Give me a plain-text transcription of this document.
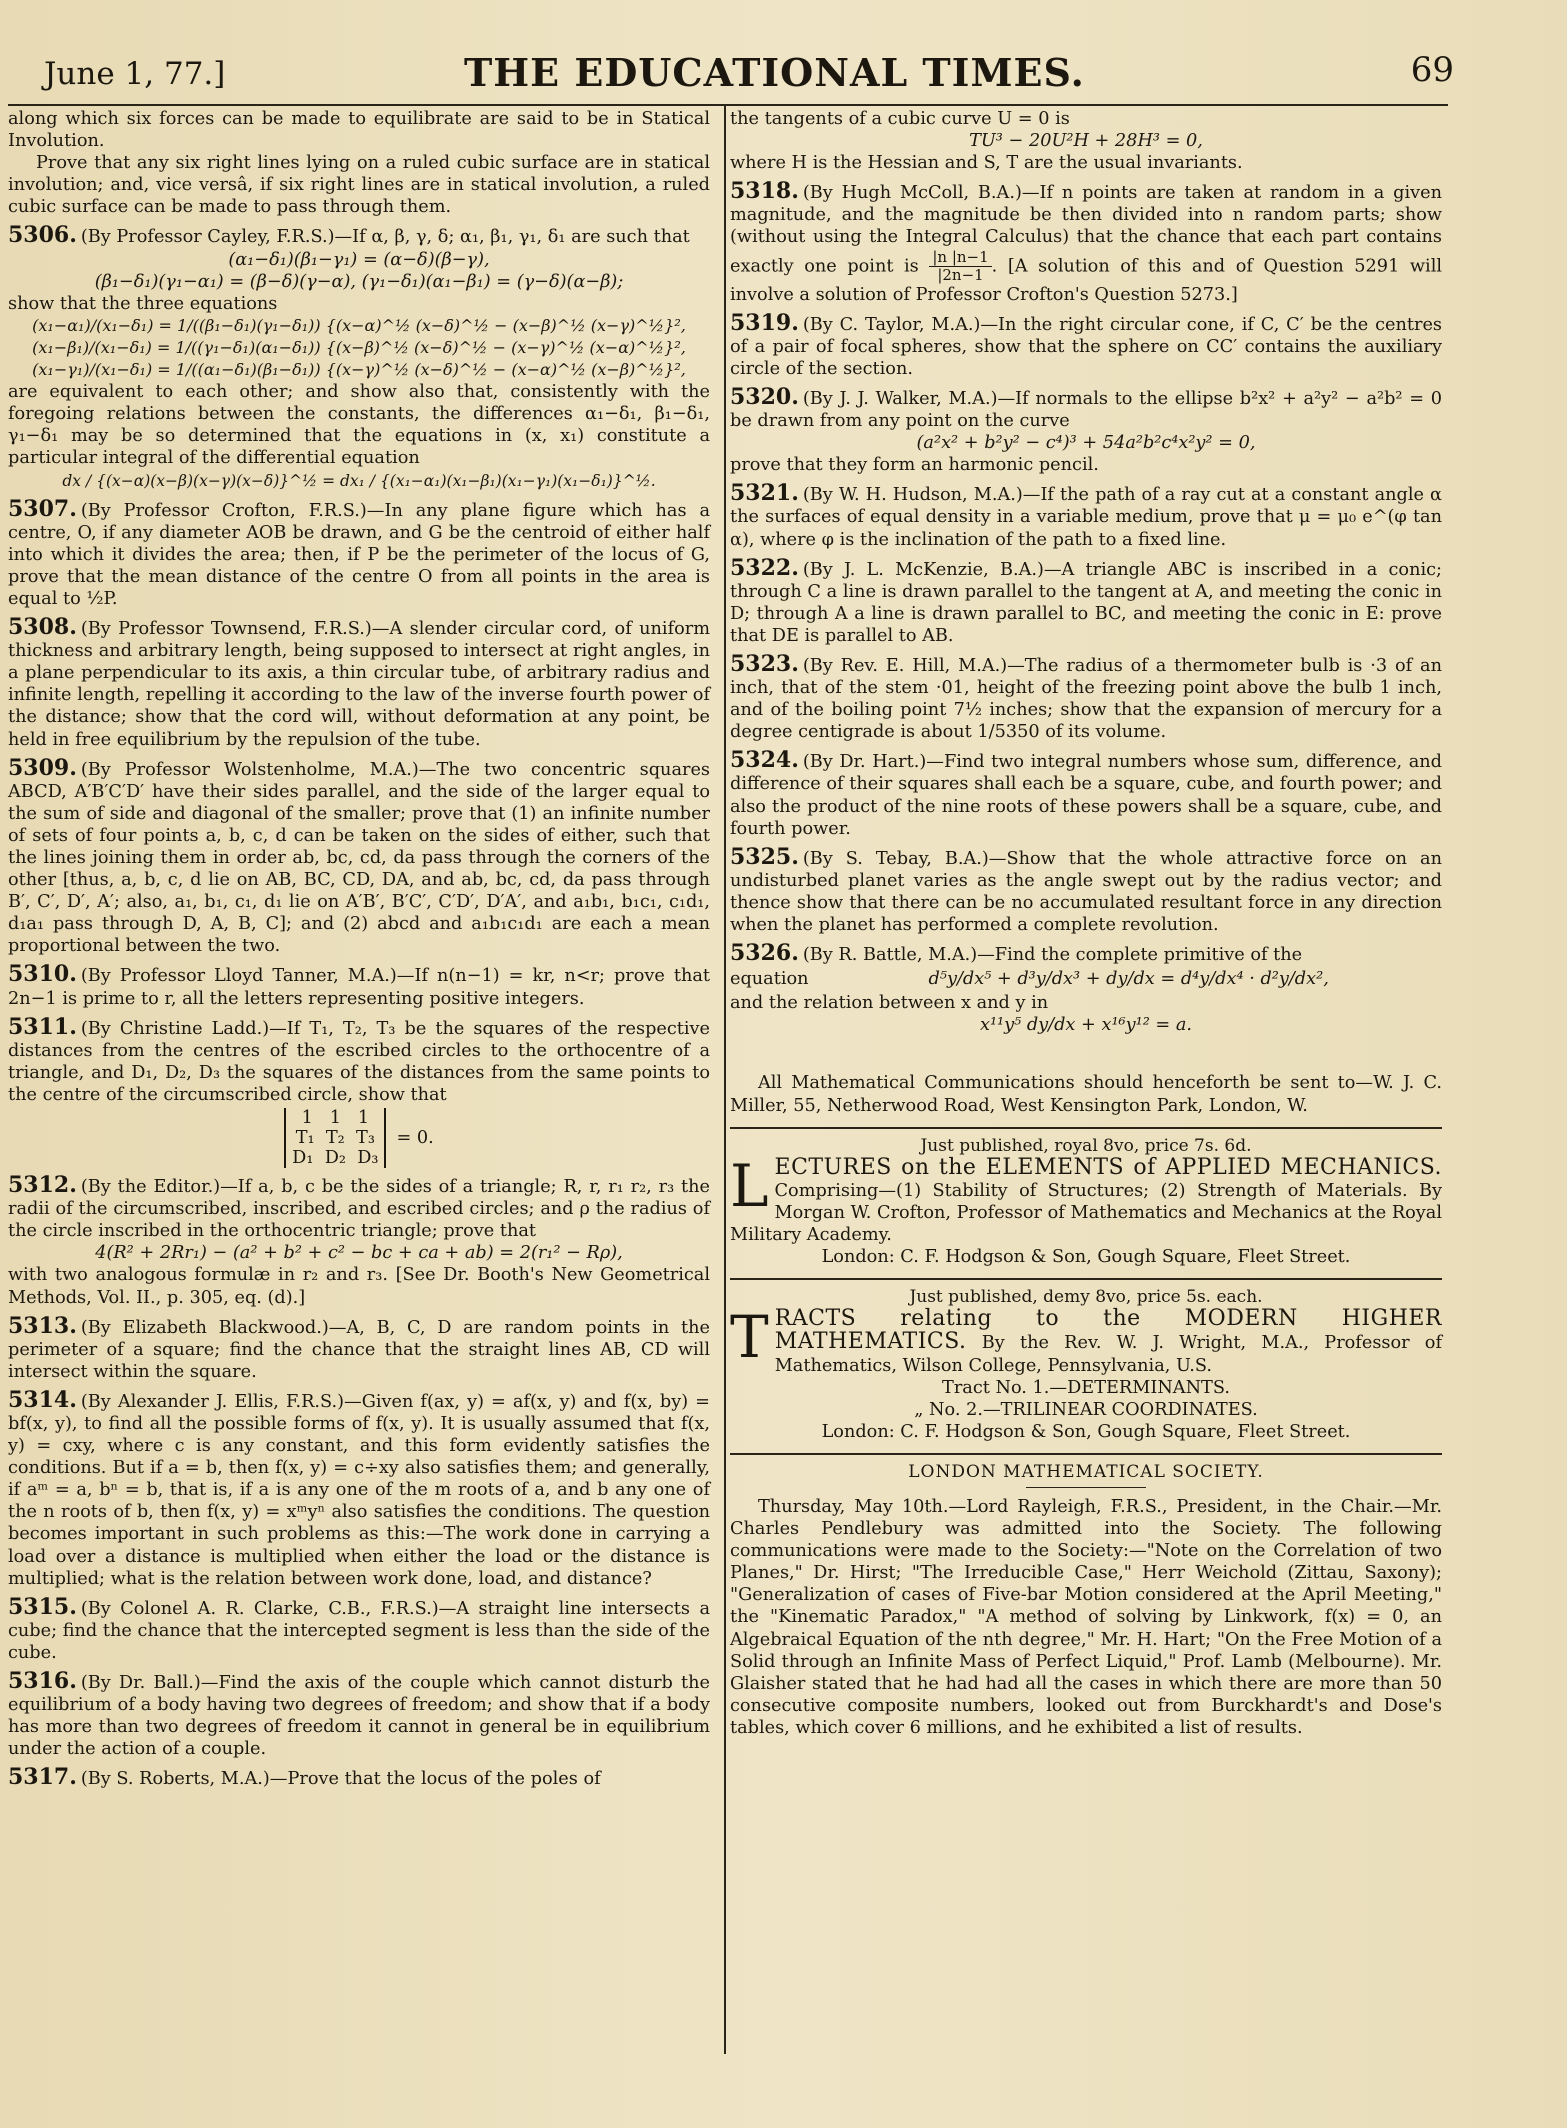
June 1, 77.]	THE EDUCATIONAL TIMES.	69

along which six forces can be made to equilibrate are said to be in Statical Involution.

Prove that any six right lines lying on a ruled cubic surface are in statical involution; and, vice versâ, if six right lines are in statical involution, a ruled cubic surface can be made to pass through them.

5306. (By Professor Cayley, F.R.S.)—If α, β, γ, δ; α₁, β₁, γ₁, δ₁ are such that

(α₁−δ₁)(β₁−γ₁) = (α−δ)(β−γ),

(β₁−δ₁)(γ₁−α₁) = (β−δ)(γ−α), (γ₁−δ₁)(α₁−β₁) = (γ−δ)(α−β);

show that the three equations

(x₁−α₁)/(x₁−δ₁) = 1/((β₁−δ₁)(γ₁−δ₁)) {(x−α)^½ (x−δ)^½ − (x−β)^½ (x−γ)^½}²,

(x₁−β₁)/(x₁−δ₁) = 1/((γ₁−δ₁)(α₁−δ₁)) {(x−β)^½ (x−δ)^½ − (x−γ)^½ (x−α)^½}²,

(x₁−γ₁)/(x₁−δ₁) = 1/((α₁−δ₁)(β₁−δ₁)) {(x−γ)^½ (x−δ)^½ − (x−α)^½ (x−β)^½}²,

are equivalent to each other; and show also that, consistently with the foregoing relations between the constants, the differences α₁−δ₁, β₁−δ₁, γ₁−δ₁ may be so determined that the equations in (x, x₁) constitute a particular integral of the differential equation

dx / {(x−α)(x−β)(x−γ)(x−δ)}^½ = dx₁ / {(x₁−α₁)(x₁−β₁)(x₁−γ₁)(x₁−δ₁)}^½.

5307. (By Professor Crofton, F.R.S.)—In any plane figure which has a centre, O, if any diameter AOB be drawn, and G be the centroid of either half into which it divides the area; then, if P be the perimeter of the locus of G, prove that the mean distance of the centre O from all points in the area is equal to ½P.

5308. (By Professor Townsend, F.R.S.)—A slender circular cord, of uniform thickness and arbitrary length, being supposed to intersect at right angles, in a plane perpendicular to its axis, a thin circular tube, of arbitrary radius and infinite length, repelling it according to the law of the inverse fourth power of the distance; show that the cord will, without deformation at any point, be held in free equilibrium by the repulsion of the tube.

5309. (By Professor Wolstenholme, M.A.)—The two concentric squares ABCD, A′B′C′D′ have their sides parallel, and the side of the larger equal to the sum of side and diagonal of the smaller; prove that (1) an infinite number of sets of four points a, b, c, d can be taken on the sides of either, such that the lines joining them in order ab, bc, cd, da pass through the corners of the other [thus, a, b, c, d lie on AB, BC, CD, DA, and ab, bc, cd, da pass through B′, C′, D′, A′; also, a₁, b₁, c₁, d₁ lie on A′B′, B′C′, C′D′, D′A′, and a₁b₁, b₁c₁, c₁d₁, d₁a₁ pass through D, A, B, C]; and (2) abcd and a₁b₁c₁d₁ are each a mean proportional between the two.

5310. (By Professor Lloyd Tanner, M.A.)—If n(n−1) = kr, n<r; prove that 2n−1 is prime to r, all the letters representing positive integers.

5311. (By Christine Ladd.)—If T₁, T₂, T₃ be the squares of the respective distances from the centres of the escribed circles to the orthocentre of a triangle, and D₁, D₂, D₃ the squares of the distances from the same points to the centre of the circumscribed circle, show that

1   1   1
T₁  T₂  T₃
D₁  D₂  D₃
= 0.

5312. (By the Editor.)—If a, b, c be the sides of a triangle; R, r, r₁ r₂, r₃ the radii of the circumscribed, inscribed, and escribed circles; and ρ the radius of the circle inscribed in the orthocentric triangle; prove that

4(R² + 2Rr₁) − (a² + b² + c² − bc + ca + ab) = 2(r₁² − Rρ),

with two analogous formulæ in r₂ and r₃. [See Dr. Booth's New Geometrical Methods, Vol. II., p. 305, eq. (d).]

5313. (By Elizabeth Blackwood.)—A, B, C, D are random points in the perimeter of a square; find the chance that the straight lines AB, CD will intersect within the square.

5314. (By Alexander J. Ellis, F.R.S.)—Given f(ax, y) = af(x, y) and f(x, by) = bf(x, y), to find all the possible forms of f(x, y). It is usually assumed that f(x, y) = cxy, where c is any constant, and this form evidently satisfies the conditions. But if a = b, then f(x, y) = c÷xy also satisfies them; and generally, if aᵐ = a, bⁿ = b, that is, if a is any one of the m roots of a, and b any one of the n roots of b, then f(x, y) = xᵐyⁿ also satisfies the conditions. The question becomes important in such problems as this:—The work done in carrying a load over a distance is multiplied when either the load or the distance is multiplied; what is the relation between work done, load, and distance?

5315. (By Colonel A. R. Clarke, C.B., F.R.S.)—A straight line intersects a cube; find the chance that the intercepted segment is less than the side of the cube.

5316. (By Dr. Ball.)—Find the axis of the couple which cannot disturb the equilibrium of a body having two degrees of freedom; and show that if a body has more than two degrees of freedom it cannot in general be in equilibrium under the action of a couple.

5317. (By S. Roberts, M.A.)—Prove that the locus of the poles of

the tangents of a cubic curve U = 0 is

TU³ − 20U²H + 28H³ = 0,

where H is the Hessian and S, T are the usual invariants.

5318. (By Hugh McColl, B.A.)—If n points are taken at random in a given magnitude, and the magnitude be then divided into n random parts; show (without using the Integral Calculus) that the chance that each part contains exactly one point is $\frac{|n |n-1}{|2n-1}$ . [A solution of this and of Question 5291 will involve a solution of Professor Crofton's Question 5273.]

5319. (By C. Taylor, M.A.)—In the right circular cone, if C, C′ be the centres of a pair of focal spheres, show that the sphere on CC′ contains the auxiliary circle of the section.

5320. (By J. J. Walker, M.A.)—If normals to the ellipse b²x² + a²y² − a²b² = 0 be drawn from any point on the curve

(a²x² + b²y² − c⁴)³ + 54a²b²c⁴x²y² = 0,

prove that they form an harmonic pencil.

5321. (By W. H. Hudson, M.A.)—If the path of a ray cut at a constant angle α the surfaces of equal density in a variable medium, prove that μ = μ₀ e^(φ tan α), where φ is the inclination of the path to a fixed line.

5322. (By J. L. McKenzie, B.A.)—A triangle ABC is inscribed in a conic; through C a line is drawn parallel to the tangent at A, and meeting the conic in D; through A a line is drawn parallel to BC, and meeting the conic in E: prove that DE is parallel to AB.

5323. (By Rev. E. Hill, M.A.)—The radius of a thermometer bulb is ·3 of an inch, that of the stem ·01, height of the freezing point above the bulb 1 inch, and of the boiling point 7½ inches; show that the expansion of mercury for a degree centigrade is about 1/5350 of its volume.

5324. (By Dr. Hart.)—Find two integral numbers whose sum, difference, and difference of their squares shall each be a square, cube, and fourth power; and also the product of the nine roots of these powers shall be a square, cube, and fourth power.

5325. (By S. Tebay, B.A.)—Show that the whole attractive force on an undisturbed planet varies as the angle swept out by the radius vector; and thence show that there can be no accumulated resultant force in any direction when the planet has performed a complete revolution.

5326. (By R. Battle, M.A.)—Find the complete primitive of the

equation	d⁵y/dx⁵ + d³y/dx³ + dy/dx = d⁴y/dx⁴ · d²y/dx²,

and the relation between x and y in

x¹¹y⁵ dy/dx + x¹⁶y¹² = a.

All Mathematical Communications should henceforth be sent to—W. J. C. Miller, 55, Netherwood Road, West Kensington Park, London, W.

Just published, royal 8vo, price 7s. 6d.

LECTURES on the ELEMENTS of APPLIED MECHANICS. Comprising—(1) Stability of Structures; (2) Strength of Materials. By Morgan W. Crofton, Professor of Mathematics and Mechanics at the Royal Military Academy.

London: C. F. Hodgson & Son, Gough Square, Fleet Street.

Just published, demy 8vo, price 5s. each.

TRACTS relating to the MODERN HIGHER MATHEMATICS. By the Rev. W. J. Wright, M.A., Professor of Mathematics, Wilson College, Pennsylvania, U.S.

Tract No. 1.—DETERMINANTS.

„ No. 2.—TRILINEAR COORDINATES.

London: C. F. Hodgson & Son, Gough Square, Fleet Street.

LONDON MATHEMATICAL SOCIETY.

Thursday, May 10th.—Lord Rayleigh, F.R.S., President, in the Chair.—Mr. Charles Pendlebury was admitted into the Society. The following communications were made to the Society:—"Note on the Correlation of two Planes," Dr. Hirst; "The Irreducible Case," Herr Weichold (Zittau, Saxony); "Generalization of cases of Five-bar Motion considered at the April Meeting," the "Kinematic Paradox," "A method of solving by Linkwork, f(x) = 0, an Algebraical Equation of the nth degree," Mr. H. Hart; "On the Free Motion of a Solid through an Infinite Mass of Perfect Liquid," Prof. Lamb (Melbourne). Mr. Glaisher stated that he had had all the cases in which there are more than 50 consecutive composite numbers, looked out from Burckhardt's and Dose's tables, which cover 6 millions, and he exhibited a list of results.
